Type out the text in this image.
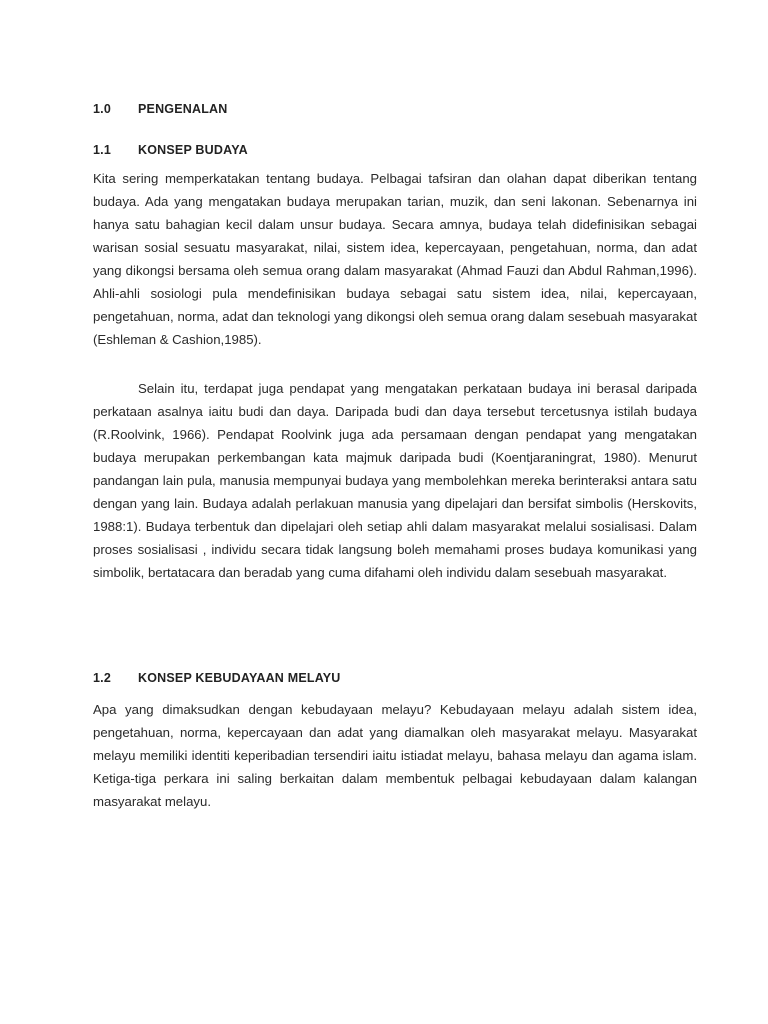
1.0 PENGENALAN
1.1 KONSEP BUDAYA

Kita sering memperkatakan tentang budaya. Pelbagai tafsiran dan olahan dapat diberikan tentang budaya. Ada yang mengatakan budaya merupakan tarian, muzik, dan seni lakonan. Sebenarnya ini hanya satu bahagian kecil dalam unsur budaya. Secara amnya, budaya telah didefinisikan sebagai warisan sosial sesuatu masyarakat, nilai, sistem idea, kepercayaan, pengetahuan, norma, dan adat yang dikongsi bersama oleh semua orang dalam masyarakat (Ahmad Fauzi dan Abdul Rahman,1996). Ahli-ahli sosiologi pula mendefinisikan budaya sebagai satu sistem idea, nilai, kepercayaan, pengetahuan, norma, adat dan teknologi yang dikongsi oleh semua orang dalam sesebuah masyarakat (Eshleman & Cashion,1985).

Selain itu, terdapat juga pendapat yang mengatakan perkataan budaya ini berasal daripada perkataan asalnya iaitu budi dan daya. Daripada budi dan daya tersebut tercetusnya istilah budaya (R.Roolvink, 1966). Pendapat Roolvink juga ada persamaan dengan pendapat yang mengatakan budaya merupakan perkembangan kata majmuk daripada budi (Koentjaraningrat, 1980). Menurut pandangan lain pula, manusia mempunyai budaya yang membolehkan mereka berinteraksi antara satu dengan yang lain. Budaya adalah perlakuan manusia yang dipelajari dan bersifat simbolis (Herskovits, 1988:1). Budaya terbentuk dan dipelajari oleh setiap ahli dalam masyarakat melalui sosialisasi. Dalam proses sosialisasi , individu secara tidak langsung boleh memahami proses budaya komunikasi yang simbolik, bertatacara dan beradab yang cuma difahami oleh individu dalam sesebuah masyarakat.

1.2 KONSEP KEBUDAYAAN MELAYU

Apa yang dimaksudkan dengan kebudayaan melayu? Kebudayaan melayu adalah sistem idea, pengetahuan, norma, kepercayaan dan adat yang diamalkan oleh masyarakat melayu. Masyarakat melayu memiliki identiti keperibadian tersendiri iaitu istiadat melayu, bahasa melayu dan agama islam. Ketiga-tiga perkara ini saling berkaitan dalam membentuk pelbagai kebudayaan dalam kalangan masyarakat melayu.
